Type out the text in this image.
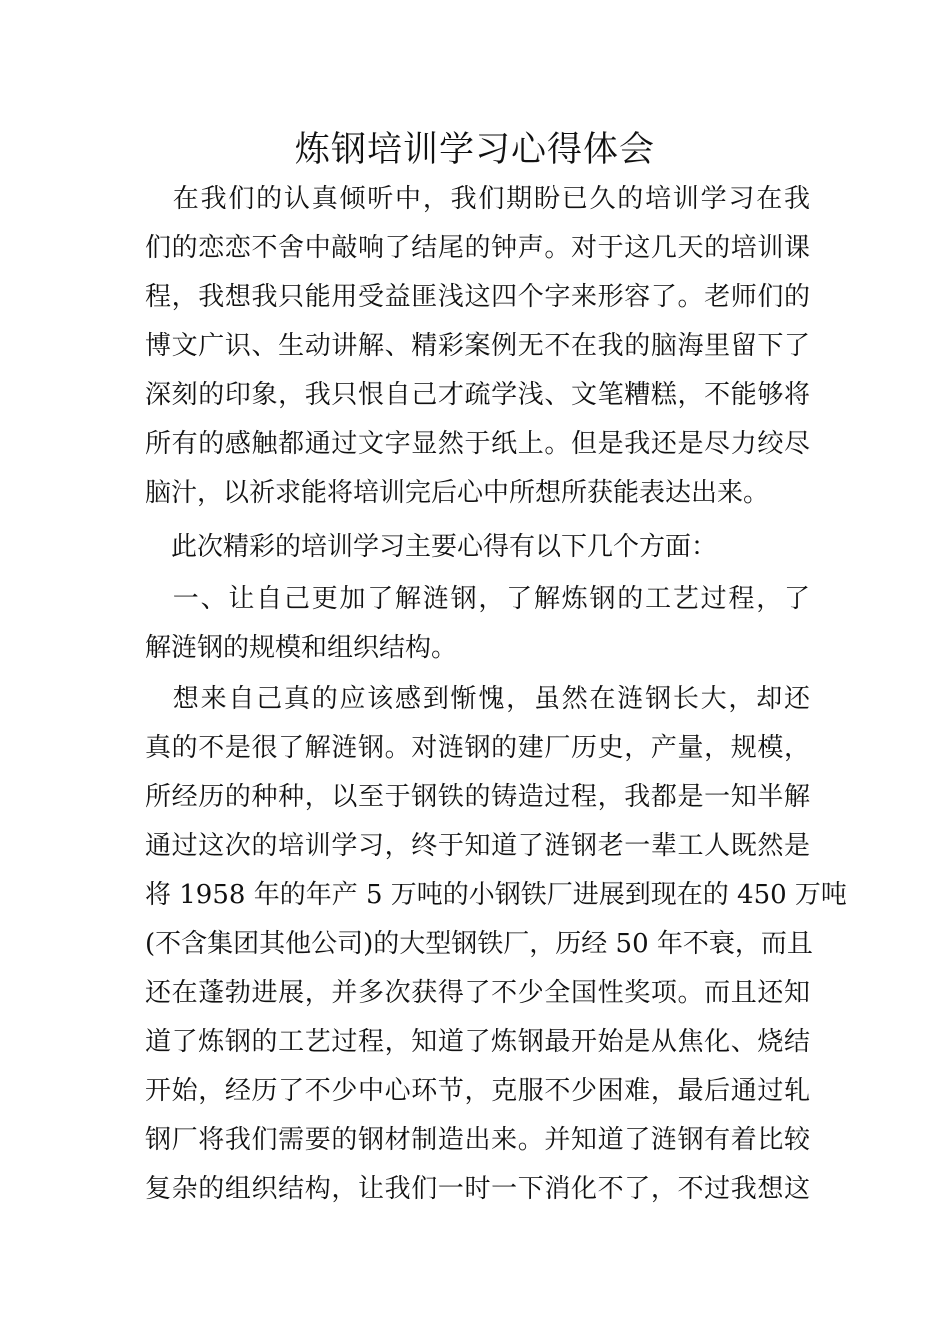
炼钢培训学习心得体会
　在我们的认真倾听中，我们期盼已久的培训学习在我
们的恋恋不舍中敲响了结尾的钟声。对于这几天的培训课
程，我想我只能用受益匪浅这四个字来形容了。老师们的
博文广识、生动讲解、精彩案例无不在我的脑海里留下了
深刻的印象，我只恨自己才疏学浅、文笔糟糕，不能够将
所有的感触都通过文字显然于纸上。但是我还是尽力绞尽
脑汁，以祈求能将培训完后心中所想所获能表达出来。
　此次精彩的培训学习主要心得有以下几个方面：
　一、让自己更加了解涟钢，了解炼钢的工艺过程，了
解涟钢的规模和组织结构。
　想来自己真的应该感到惭愧，虽然在涟钢长大，却还
真的不是很了解涟钢。对涟钢的建厂历史，产量，规模，
所经历的种种，以至于钢铁的铸造过程，我都是一知半解
通过这次的培训学习，终于知道了涟钢老一辈工人既然是
将 1958 年的年产 5 万吨的小钢铁厂进展到现在的 450 万吨
(不含集团其他公司)的大型钢铁厂，历经 50 年不衰，而且
还在蓬勃进展，并多次获得了不少全国性奖项。而且还知
道了炼钢的工艺过程，知道了炼钢最开始是从焦化、烧结
开始，经历了不少中心环节，克服不少困难，最后通过轧
钢厂将我们需要的钢材制造出来。并知道了涟钢有着比较
复杂的组织结构，让我们一时一下消化不了，不过我想这
